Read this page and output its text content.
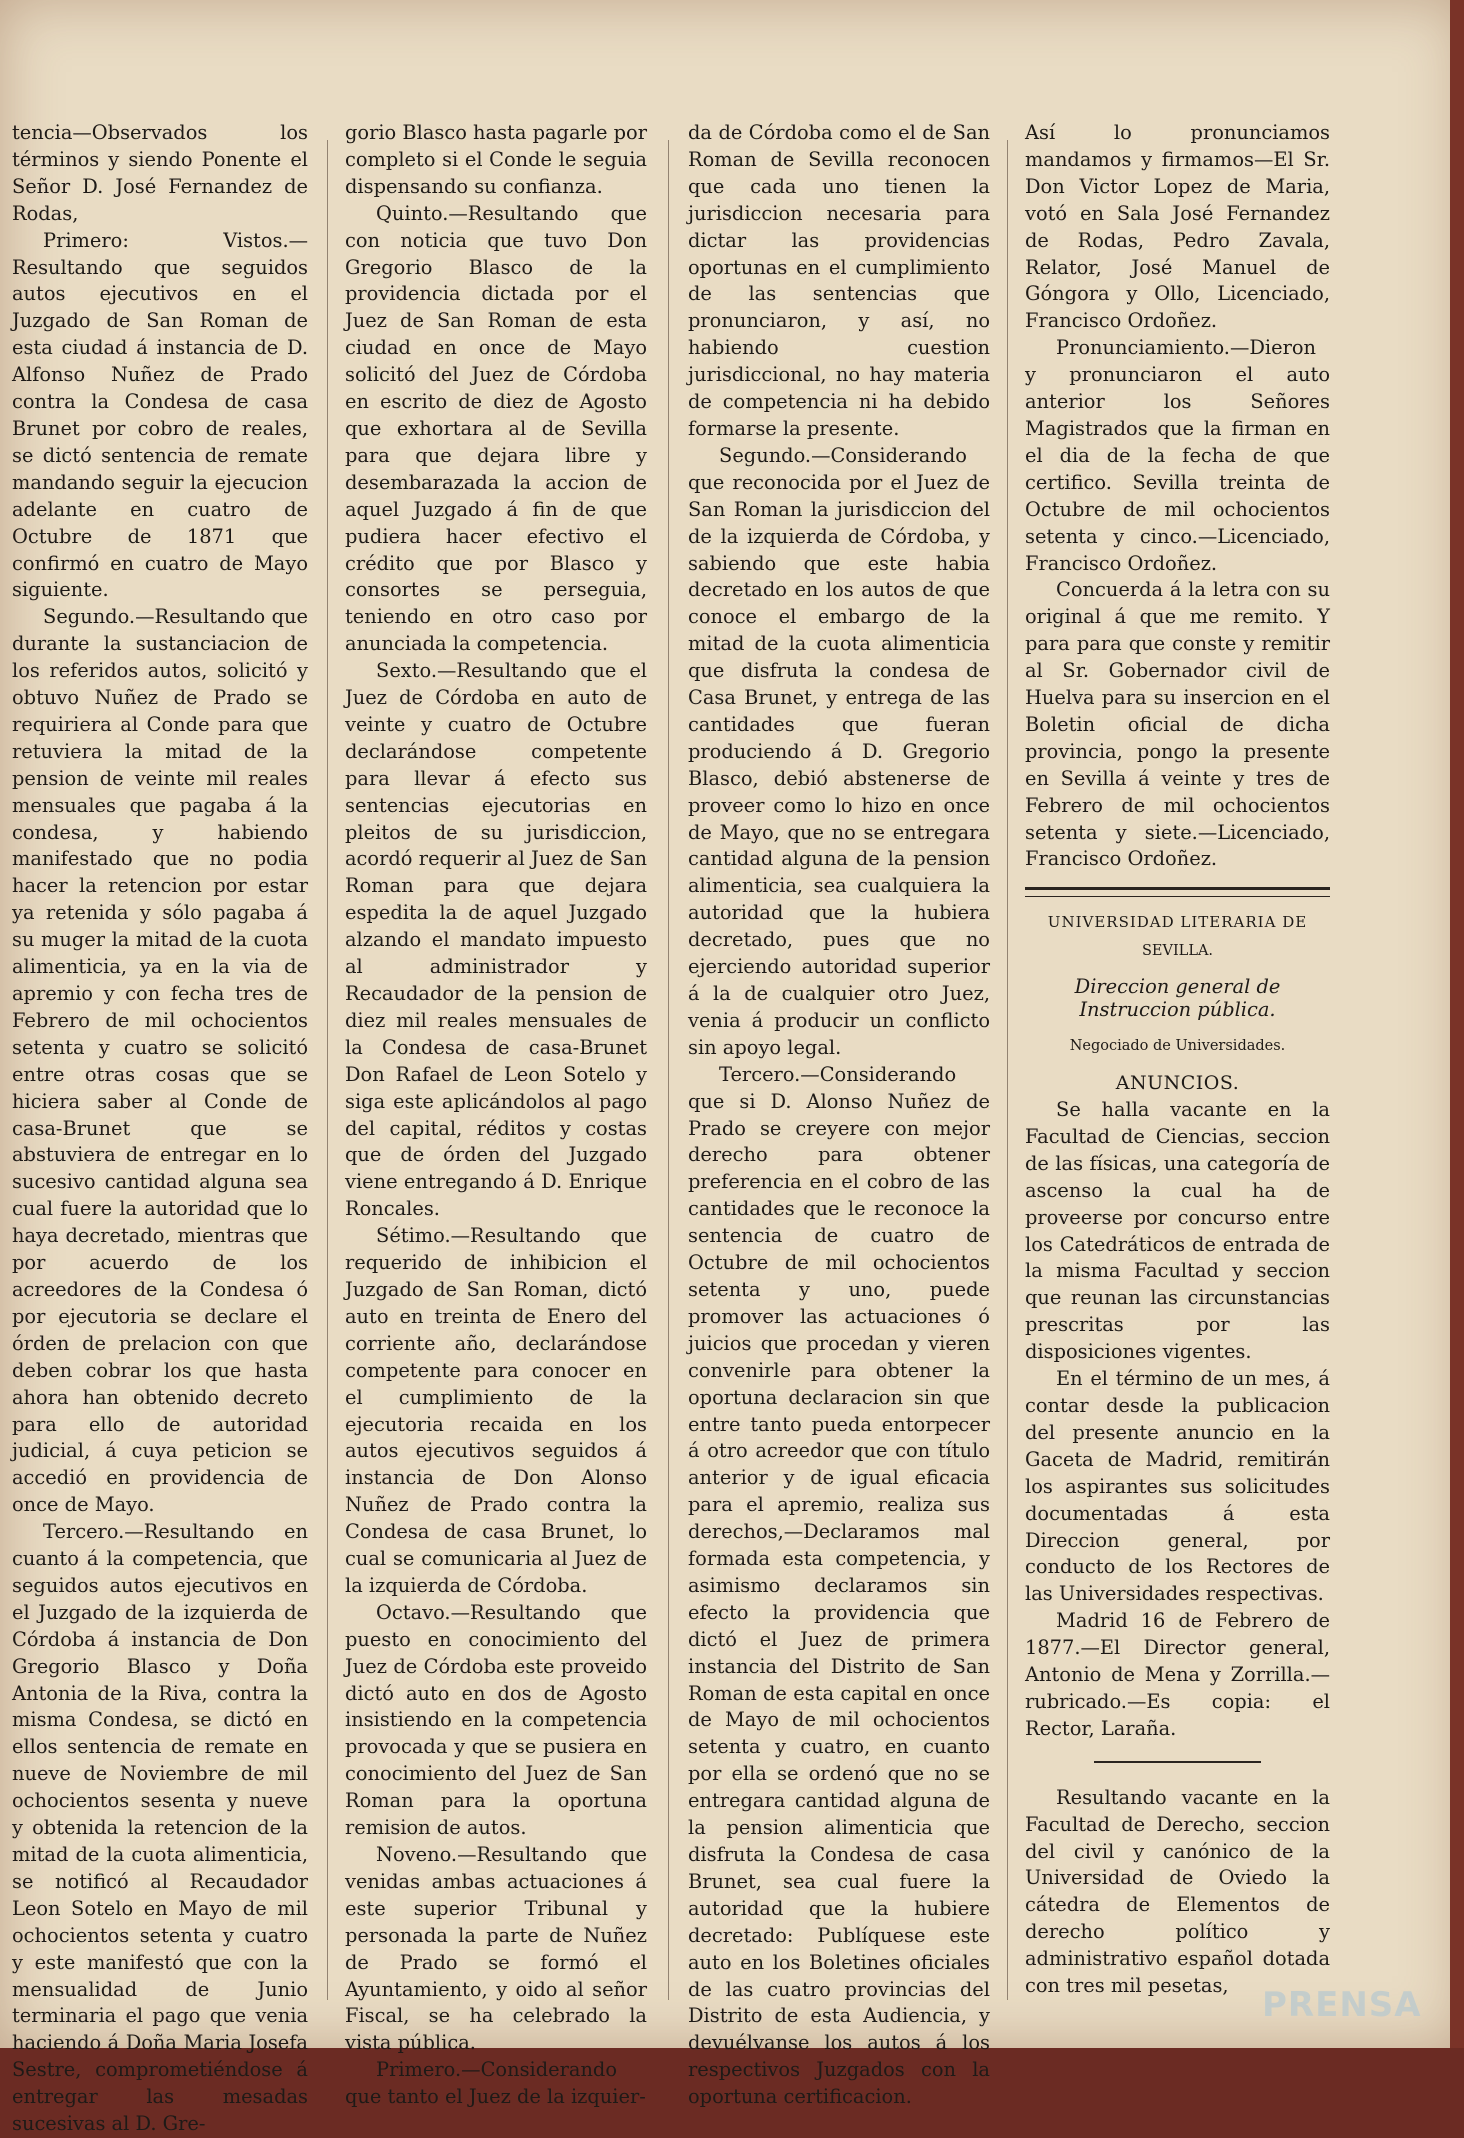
tencia—Observados los términos y siendo Ponente el Señor D. José Fernandez de Rodas,

Primero: Vistos.—Resultando que seguidos autos ejecutivos en el Juzgado de San Roman de esta ciudad á instancia de D. Alfonso Nuñez de Prado contra la Condesa de casa Brunet por cobro de reales, se dictó sentencia de remate mandando seguir la ejecucion adelante en cuatro de Octubre de 1871 que confirmó en cuatro de Mayo siguiente.

Segundo.—Resultando que durante la sustanciacion de los referidos autos, solicitó y obtuvo Nuñez de Prado se requiriera al Conde para que retuviera la mitad de la pension de veinte mil reales mensuales que pagaba á la condesa, y habiendo manifestado que no podia hacer la retencion por estar ya retenida y sólo pagaba á su muger la mitad de la cuota alimenticia, ya en la via de apremio y con fecha tres de Febrero de mil ochocientos setenta y cuatro se solicitó entre otras cosas que se hiciera saber al Conde de casa-Brunet que se abstuviera de entregar en lo sucesivo cantidad alguna sea cual fuere la autoridad que lo haya decretado, mientras que por acuerdo de los acreedores de la Condesa ó por ejecutoria se declare el órden de prelacion con que deben cobrar los que hasta ahora han obtenido decreto para ello de autoridad judicial, á cuya peticion se accedió en providencia de once de Mayo.

Tercero.—Resultando en cuanto á la competencia, que seguidos autos ejecutivos en el Juzgado de la izquierda de Córdoba á instancia de Don Gregorio Blasco y Doña Antonia de la Riva, contra la misma Condesa, se dictó en ellos sentencia de remate en nueve de Noviembre de mil ochocientos sesenta y nueve y obtenida la retencion de la mitad de la cuota alimenticia, se notificó al Recaudador Leon Sotelo en Mayo de mil ochocientos setenta y cuatro y este manifestó que con la mensualidad de Junio terminaria el pago que venia haciendo á Doña Maria Josefa Sestre, comprometiéndose á entregar las mesadas sucesivas al D. Gre-

gorio Blasco hasta pagarle por completo si el Conde le seguia dispensando su confianza.

Quinto.—Resultando que con noticia que tuvo Don Gregorio Blasco de la providencia dictada por el Juez de San Roman de esta ciudad en once de Mayo solicitó del Juez de Córdoba en escrito de diez de Agosto que exhortara al de Sevilla para que dejara libre y desembarazada la accion de aquel Juzgado á fin de que pudiera hacer efectivo el crédito que por Blasco y consortes se perseguia, teniendo en otro caso por anunciada la competencia.

Sexto.—Resultando que el Juez de Córdoba en auto de veinte y cuatro de Octubre declarándose competente para llevar á efecto sus sentencias ejecutorias en pleitos de su jurisdiccion, acordó requerir al Juez de San Roman para que dejara espedita la de aquel Juzgado alzando el mandato impuesto al administrador y Recaudador de la pension de diez mil reales mensuales de la Condesa de casa-Brunet Don Rafael de Leon Sotelo y siga este aplicándolos al pago del capital, réditos y costas que de órden del Juzgado viene entregando á D. Enrique Roncales.

Sétimo.—Resultando que requerido de inhibicion el Juzgado de San Roman, dictó auto en treinta de Enero del corriente año, declarándose competente para conocer en el cumplimiento de la ejecutoria recaida en los autos ejecutivos seguidos á instancia de Don Alonso Nuñez de Prado contra la Condesa de casa Brunet, lo cual se comunicaria al Juez de la izquierda de Córdoba.

Octavo.—Resultando que puesto en conocimiento del Juez de Córdoba este proveido dictó auto en dos de Agosto insistiendo en la competencia provocada y que se pusiera en conocimiento del Juez de San Roman para la oportuna remision de autos.

Noveno.—Resultando que venidas ambas actuaciones á este superior Tribunal y personada la parte de Nuñez de Prado se formó el Ayuntamiento, y oido al señor Fiscal, se ha celebrado la vista pública.

Primero.—Considerando que tanto el Juez de la izquier-

da de Córdoba como el de San Roman de Sevilla reconocen que cada uno tienen la jurisdiccion necesaria para dictar las providencias oportunas en el cumplimiento de las sentencias que pronunciaron, y así, no habiendo cuestion jurisdiccional, no hay materia de competencia ni ha debido formarse la presente.

Segundo.—Considerando que reconocida por el Juez de San Roman la jurisdiccion del de la izquierda de Córdoba, y sabiendo que este habia decretado en los autos de que conoce el embargo de la mitad de la cuota alimenticia que disfruta la condesa de Casa Brunet, y entrega de las cantidades que fueran produciendo á D. Gregorio Blasco, debió abstenerse de proveer como lo hizo en once de Mayo, que no se entregara cantidad alguna de la pension alimenticia, sea cualquiera la autoridad que la hubiera decretado, pues que no ejerciendo autoridad superior á la de cualquier otro Juez, venia á producir un conflicto sin apoyo legal.

Tercero.—Considerando que si D. Alonso Nuñez de Prado se creyere con mejor derecho para obtener preferencia en el cobro de las cantidades que le reconoce la sentencia de cuatro de Octubre de mil ochocientos setenta y uno, puede promover las actuaciones ó juicios que procedan y vieren convenirle para obtener la oportuna declaracion sin que entre tanto pueda entorpecer á otro acreedor que con título anterior y de igual eficacia para el apremio, realiza sus derechos,—Declaramos mal formada esta competencia, y asimismo declaramos sin efecto la providencia que dictó el Juez de primera instancia del Distrito de San Roman de esta capital en once de Mayo de mil ochocientos setenta y cuatro, en cuanto por ella se ordenó que no se entregara cantidad alguna de la pension alimenticia que disfruta la Condesa de casa Brunet, sea cual fuere la autoridad que la hubiere decretado: Publíquese este auto en los Boletines oficiales de las cuatro provincias del Distrito de esta Audiencia, y devuélvanse los autos á los respectivos Juzgados con la oportuna certificacion.

Así lo pronunciamos mandamos y firmamos—El Sr. Don Victor Lopez de Maria, votó en Sala José Fernandez de Rodas, Pedro Zavala, Relator, José Manuel de Góngora y Ollo, Licenciado, Francisco Ordoñez.

Pronunciamiento.—Dieron y pronunciaron el auto anterior los Señores Magistrados que la firman en el dia de la fecha de que certifico. Sevilla treinta de Octubre de mil ochocientos setenta y cinco.—Licenciado, Francisco Ordoñez.

Concuerda á la letra con su original á que me remito. Y para para que conste y remitir al Sr. Gobernador civil de Huelva para su insercion en el Boletin oficial de dicha provincia, pongo la presente en Sevilla á veinte y tres de Febrero de mil ochocientos setenta y siete.—Licenciado, Francisco Ordoñez.

UNIVERSIDAD LITERARIA DE

SEVILLA.

Direccion general de Instruccion pública.

Negociado de Universidades.

ANUNCIOS.

Se halla vacante en la Facultad de Ciencias, seccion de las físicas, una categoría de ascenso la cual ha de proveerse por concurso entre los Catedráticos de entrada de la misma Facultad y seccion que reunan las circunstancias prescritas por las disposiciones vigentes.

En el término de un mes, á contar desde la publicacion del presente anuncio en la Gaceta de Madrid, remitirán los aspirantes sus solicitudes documentadas á esta Direccion general, por conducto de los Rectores de las Universidades respectivas.

Madrid 16 de Febrero de 1877.—El Director general, Antonio de Mena y Zorrilla.—rubricado.—Es copia: el Rector, Laraña.

Resultando vacante en la Facultad de Derecho, seccion del civil y canónico de la Universidad de Oviedo la cátedra de Elementos de derecho político y administrativo español dotada con tres mil pesetas, PRENSA
